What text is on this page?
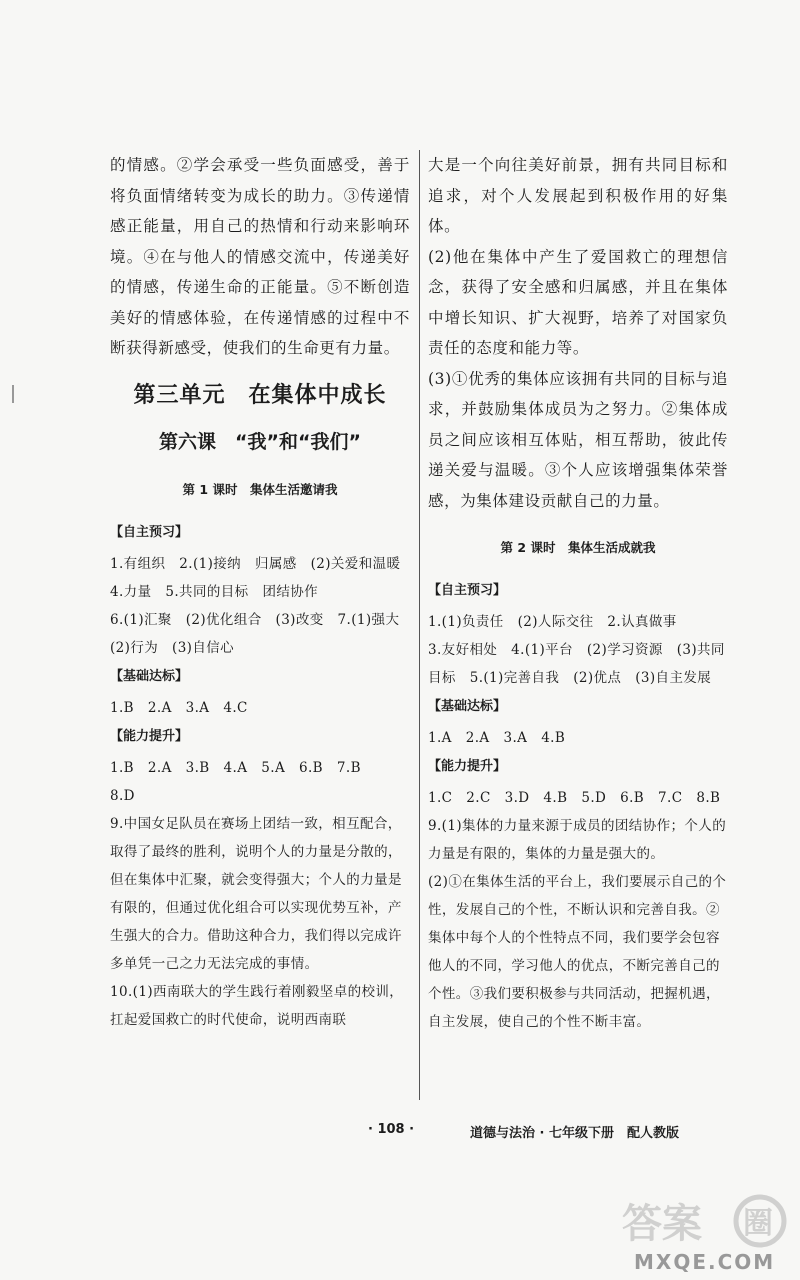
的情感。②学会承受一些负面感受，善于将负面情绪转变为成长的助力。③传递情感正能量，用自己的热情和行动来影响环境。④在与他人的情感交流中，传递美好的情感，传递生命的正能量。⑤不断创造美好的情感体验，在传递情感的过程中不断获得新感受，使我们的生命更有力量。

第三单元　在集体中成长
第六课　“我”和“我们”
第 1 课时　集体生活邀请我
【自主预习】

1.有组织　2.(1)接纳　归属感　(2)关爱和温暖　4.力量　5.共同的目标　团结协作

6.(1)汇聚　(2)优化组合　(3)改变　7.(1)强大　(2)行为　(3)自信心

【基础达标】

1.B　2.A　3.A　4.C

【能力提升】

1.B　2.A　3.B　4.A　5.A　6.B　7.B

8.D

9.中国女足队员在赛场上团结一致，相互配合，取得了最终的胜利，说明个人的力量是分散的，但在集体中汇聚，就会变得强大；个人的力量是有限的，但通过优化组合可以实现优势互补，产生强大的合力。借助这种合力，我们得以完成许多单凭一己之力无法完成的事情。

10.(1)西南联大的学生践行着刚毅坚卓的校训，扛起爱国救亡的时代使命，说明西南联

大是一个向往美好前景，拥有共同目标和追求，对个人发展起到积极作用的好集体。

(2)他在集体中产生了爱国救亡的理想信念，获得了安全感和归属感，并且在集体中增长知识、扩大视野，培养了对国家负责任的态度和能力等。

(3)①优秀的集体应该拥有共同的目标与追求，并鼓励集体成员为之努力。②集体成员之间应该相互体贴，相互帮助，彼此传递关爱与温暖。③个人应该增强集体荣誉感，为集体建设贡献自己的力量。

第 2 课时　集体生活成就我
【自主预习】

1.(1)负责任　(2)人际交往　2.认真做事

3.友好相处　4.(1)平台　(2)学习资源　(3)共同目标　5.(1)完善自我　(2)优点　(3)自主发展

【基础达标】

1.A　2.A　3.A　4.B

【能力提升】

1.C　2.C　3.D　4.B　5.D　6.B　7.C　8.B

9.(1)集体的力量来源于成员的团结协作；个人的力量是有限的，集体的力量是强大的。

(2)①在集体生活的平台上，我们要展示自己的个性，发展自己的个性，不断认识和完善自我。②集体中每个人的个性特点不同，我们要学会包容他人的不同，学习他人的优点，不断完善自己的个性。③我们要积极参与共同活动，把握机遇，自主发展，使自己的个性不断丰富。

· 108 ·	道德与法治 · 七年级下册　配人教版
答案 圈
MXQE.COM
